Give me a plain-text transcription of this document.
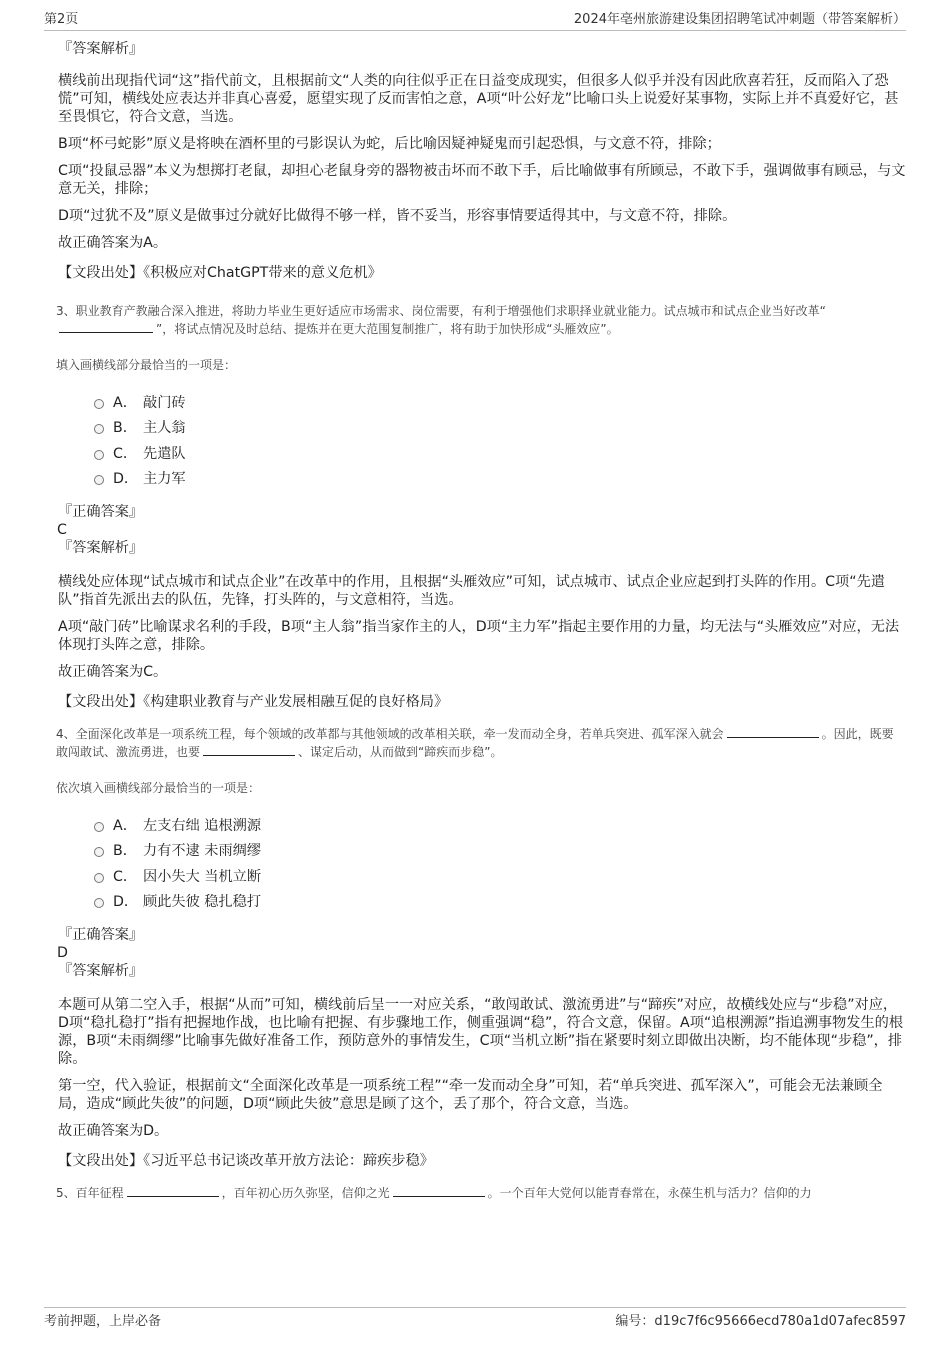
第2页	2024年亳州旅游建设集团招聘笔试冲刺题（带答案解析）
『答案解析』
横线前出现指代词“这”指代前文，且根据前文“人类的向往似乎正在日益变成现实，但很多人似乎并没有因此欣喜若狂，反而陷入了恐慌”可知，横线处应表达并非真心喜爱，愿望实现了反而害怕之意，A项“叶公好龙”比喻口头上说爱好某事物，实际上并不真爱好它，甚至畏惧它，符合文意，当选。
B项“杯弓蛇影”原义是将映在酒杯里的弓影误认为蛇，后比喻因疑神疑鬼而引起恐惧，与文意不符，排除；
C项“投鼠忌器”本义为想掷打老鼠，却担心老鼠身旁的器物被击坏而不敢下手，后比喻做事有所顾忌，不敢下手，强调做事有顾忌，与文意无关，排除；
D项“过犹不及”原义是做事过分就好比做得不够一样，皆不妥当，形容事情要适得其中，与文意不符，排除。
故正确答案为A。
【文段出处】《积极应对ChatGPT带来的意义危机》
3、职业教育产教融合深入推进，将助力毕业生更好适应市场需求、岗位需要，有利于增强他们求职择业就业能力。试点城市和试点企业当好改革“”，将试点情况及时总结、提炼并在更大范围复制推广，将有助于加快形成“头雁效应”。
填入画横线部分最恰当的一项是：
A． 敲门砖
B． 主人翁
C． 先遣队
D． 主力军
『正确答案』
C
『答案解析』
横线处应体现“试点城市和试点企业”在改革中的作用，且根据“头雁效应”可知，试点城市、试点企业应起到打头阵的作用。C项“先遣队”指首先派出去的队伍，先锋，打头阵的，与文意相符，当选。
A项“敲门砖”比喻谋求名利的手段，B项“主人翁”指当家作主的人，D项“主力军”指起主要作用的力量，均无法与“头雁效应”对应，无法体现打头阵之意，排除。
故正确答案为C。
【文段出处】《构建职业教育与产业发展相融互促的良好格局》
4、全面深化改革是一项系统工程，每个领域的改革都与其他领域的改革相关联，牵一发而动全身，若单兵突进、孤军深入就会	。因此，既要敢闯敢试、激流勇进，也要	、谋定后动，从而做到“蹄疾而步稳”。
依次填入画横线部分最恰当的一项是：
A． 左支右绌 追根溯源
B． 力有不逮 未雨绸缪
C． 因小失大 当机立断
D． 顾此失彼 稳扎稳打
『正确答案』
D
『答案解析』
本题可从第二空入手，根据“从而”可知，横线前后呈一一对应关系，“敢闯敢试、激流勇进”与“蹄疾”对应，故横线处应与“步稳”对应，D项“稳扎稳打”指有把握地作战，也比喻有把握、有步骤地工作，侧重强调“稳”，符合文意，保留。A项“追根溯源”指追溯事物发生的根源，B项“未雨绸缪”比喻事先做好准备工作，预防意外的事情发生，C项“当机立断”指在紧要时刻立即做出决断，均不能体现“步稳”，排除。
第一空，代入验证，根据前文“全面深化改革是一项系统工程”“牵一发而动全身”可知，若“单兵突进、孤军深入”，可能会无法兼顾全局，造成“顾此失彼”的问题，D项“顾此失彼”意思是顾了这个，丢了那个，符合文意，当选。
故正确答案为D。
【文段出处】《习近平总书记谈改革开放方法论：蹄疾步稳》
5、百年征程	，百年初心历久弥坚，信仰之光	。一个百年大党何以能青春常在，永葆生机与活力？信仰的力
考前押题，上岸必备	编号：d19c7f6c95666ecd780a1d07afec8597
